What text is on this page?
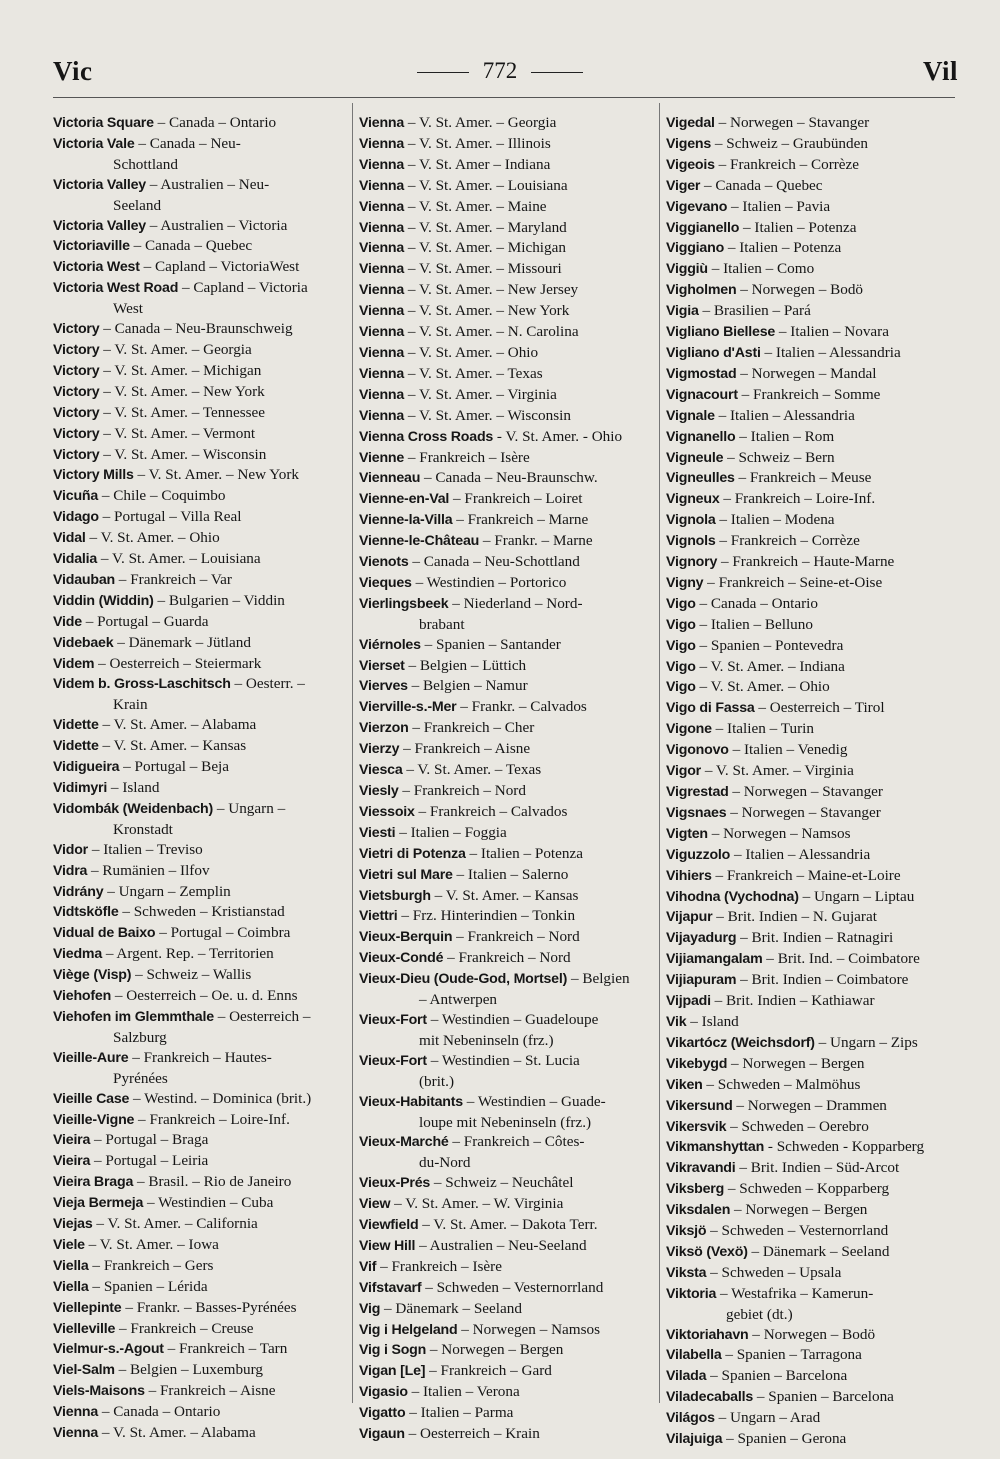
Vic	772	Vil
Victoria Square – Canada – Ontario
Victoria Vale – Canada – Neu-
Schottland
Victoria Valley – Australien – Neu-
Seeland
Victoria Valley – Australien – Victoria
Victoriaville – Canada – Quebec
Victoria West – Capland – VictoriaWest
Victoria West Road – Capland – Victoria
West
Victory – Canada – Neu-Braunschweig
Victory – V. St. Amer. – Georgia
Victory – V. St. Amer. – Michigan
Victory – V. St. Amer. – New York
Victory – V. St. Amer. – Tennessee
Victory – V. St. Amer. – Vermont
Victory – V. St. Amer. – Wisconsin
Victory Mills – V. St. Amer. – New York
Vicuña – Chile – Coquimbo
Vidago – Portugal – Villa Real
Vidal – V. St. Amer. – Ohio
Vidalia – V. St. Amer. – Louisiana
Vidauban – Frankreich – Var
Viddin (Widdin) – Bulgarien – Viddin
Vide – Portugal – Guarda
Videbaek – Dänemark – Jütland
Videm – Oesterreich – Steiermark
Videm b. Gross-Laschitsch – Oesterr. –
Krain
Vidette – V. St. Amer. – Alabama
Vidette – V. St. Amer. – Kansas
Vidigueira – Portugal – Beja
Vidimyri – Island
Vidombák (Weidenbach) – Ungarn –
Kronstadt
Vidor – Italien – Treviso
Vidra – Rumänien – Ilfov
Vidrány – Ungarn – Zemplin
Vidtsköfle – Schweden – Kristianstad
Vidual de Baixo – Portugal – Coimbra
Viedma – Argent. Rep. – Territorien
Viège (Visp) – Schweiz – Wallis
Viehofen – Oesterreich – Oe. u. d. Enns
Viehofen im Glemmthale – Oesterreich –
Salzburg
Vieille-Aure – Frankreich – Hautes-
Pyrénées
Vieille Case – Westind. – Dominica (brit.)
Vieille-Vigne – Frankreich – Loire-Inf.
Vieira – Portugal – Braga
Vieira – Portugal – Leiria
Vieira Braga – Brasil. – Rio de Janeiro
Vieja Bermeja – Westindien – Cuba
Viejas – V. St. Amer. – California
Viele – V. St. Amer. – Iowa
Viella – Frankreich – Gers
Viella – Spanien – Lérida
Viellepinte – Frankr. – Basses-Pyrénées
Vielleville – Frankreich – Creuse
Vielmur-s.-Agout – Frankreich – Tarn
Viel-Salm – Belgien – Luxemburg
Viels-Maisons – Frankreich – Aisne
Vienna – Canada – Ontario
Vienna – V. St. Amer. – Alabama
Vienna – V. St. Amer. – Georgia
Vienna – V. St. Amer. – Illinois
Vienna – V. St. Amer – Indiana
Vienna – V. St. Amer. – Louisiana
Vienna – V. St. Amer. – Maine
Vienna – V. St. Amer. – Maryland
Vienna – V. St. Amer. – Michigan
Vienna – V. St. Amer. – Missouri
Vienna – V. St. Amer. – New Jersey
Vienna – V. St. Amer. – New York
Vienna – V. St. Amer. – N. Carolina
Vienna – V. St. Amer. – Ohio
Vienna – V. St. Amer. – Texas
Vienna – V. St. Amer. – Virginia
Vienna – V. St. Amer. – Wisconsin
Vienna Cross Roads - V. St. Amer. - Ohio
Vienne – Frankreich – Isère
Vienneau – Canada – Neu-Braunschw.
Vienne-en-Val – Frankreich – Loiret
Vienne-la-Villa – Frankreich – Marne
Vienne-le-Château – Frankr. – Marne
Vienots – Canada – Neu-Schottland
Vieques – Westindien – Portorico
Vierlingsbeek – Niederland – Nord-
brabant
Viérnoles – Spanien – Santander
Vierset – Belgien – Lüttich
Vierves – Belgien – Namur
Vierville-s.-Mer – Frankr. – Calvados
Vierzon – Frankreich – Cher
Vierzy – Frankreich – Aisne
Viesca – V. St. Amer. – Texas
Viesly – Frankreich – Nord
Viessoix – Frankreich – Calvados
Viesti – Italien – Foggia
Vietri di Potenza – Italien – Potenza
Vietri sul Mare – Italien – Salerno
Vietsburgh – V. St. Amer. – Kansas
Viettri – Frz. Hinterindien – Tonkin
Vieux-Berquin – Frankreich – Nord
Vieux-Condé – Frankreich – Nord
Vieux-Dieu (Oude-God, Mortsel) – Belgien
– Antwerpen
Vieux-Fort – Westindien – Guadeloupe
mit Nebeninseln (frz.)
Vieux-Fort – Westindien – St. Lucia
(brit.)
Vieux-Habitants – Westindien – Guade-
loupe mit Nebeninseln (frz.)
Vieux-Marché – Frankreich – Côtes-
du-Nord
Vieux-Prés – Schweiz – Neuchâtel
View – V. St. Amer. – W. Virginia
Viewfield – V. St. Amer. – Dakota Terr.
View Hill – Australien – Neu-Seeland
Vif – Frankreich – Isère
Vifstavarf – Schweden – Vesternorrland
Vig – Dänemark – Seeland
Vig i Helgeland – Norwegen – Namsos
Vig i Sogn – Norwegen – Bergen
Vigan [Le] – Frankreich – Gard
Vigasio – Italien – Verona
Vigatto – Italien – Parma
Vigaun – Oesterreich – Krain
Vigedal – Norwegen – Stavanger
Vigens – Schweiz – Graubünden
Vigeois – Frankreich – Corrèze
Viger – Canada – Quebec
Vigevano – Italien – Pavia
Viggianello – Italien – Potenza
Viggiano – Italien – Potenza
Viggiù – Italien – Como
Vigholmen – Norwegen – Bodö
Vigia – Brasilien – Pará
Vigliano Biellese – Italien – Novara
Vigliano d'Asti – Italien – Alessandria
Vigmostad – Norwegen – Mandal
Vignacourt – Frankreich – Somme
Vignale – Italien – Alessandria
Vignanello – Italien – Rom
Vigneule – Schweiz – Bern
Vigneulles – Frankreich – Meuse
Vigneux – Frankreich – Loire-Inf.
Vignola – Italien – Modena
Vignols – Frankreich – Corrèze
Vignory – Frankreich – Haute-Marne
Vigny – Frankreich – Seine-et-Oise
Vigo – Canada – Ontario
Vigo – Italien – Belluno
Vigo – Spanien – Pontevedra
Vigo – V. St. Amer. – Indiana
Vigo – V. St. Amer. – Ohio
Vigo di Fassa – Oesterreich – Tirol
Vigone – Italien – Turin
Vigonovo – Italien – Venedig
Vigor – V. St. Amer. – Virginia
Vigrestad – Norwegen – Stavanger
Vigsnaes – Norwegen – Stavanger
Vigten – Norwegen – Namsos
Viguzzolo – Italien – Alessandria
Vihiers – Frankreich – Maine-et-Loire
Vihodna (Vychodna) – Ungarn – Liptau
Vijapur – Brit. Indien – N. Gujarat
Vijayadurg – Brit. Indien – Ratnagiri
Vijiamangalam – Brit. Ind. – Coimbatore
Vijiapuram – Brit. Indien – Coimbatore
Vijpadi – Brit. Indien – Kathiawar
Vik – Island
Vikartócz (Weichsdorf) – Ungarn – Zips
Vikebygd – Norwegen – Bergen
Viken – Schweden – Malmöhus
Vikersund – Norwegen – Drammen
Vikersvik – Schweden – Oerebro
Vikmanshyttan - Schweden - Kopparberg
Vikravandi – Brit. Indien – Süd-Arcot
Viksberg – Schweden – Kopparberg
Viksdalen – Norwegen – Bergen
Viksjö – Schweden – Vesternorrland
Viksö (Vexö) – Dänemark – Seeland
Viksta – Schweden – Upsala
Viktoria – Westafrika – Kamerun-
gebiet (dt.)
Viktoriahavn – Norwegen – Bodö
Vilabella – Spanien – Tarragona
Vilada – Spanien – Barcelona
Viladecaballs – Spanien – Barcelona
Világos – Ungarn – Arad
Vilajuiga – Spanien – Gerona
